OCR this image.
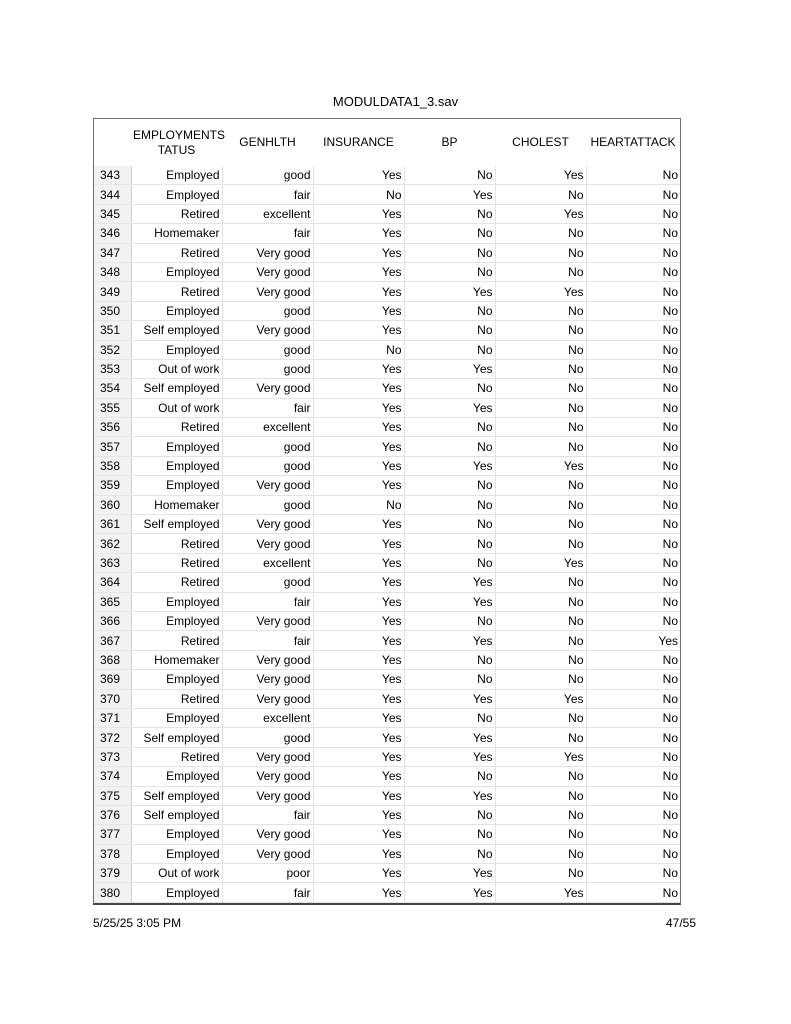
MODULDATA1_3.sav
	EMPLOYMENTS TATUS	GENHLTH	INSURANCE	BP	CHOLEST	HEARTATTACK
343	Employed	good	Yes	No	Yes	No
344	Employed	fair	No	Yes	No	No
345	Retired	excellent	Yes	No	Yes	No
346	Homemaker	fair	Yes	No	No	No
347	Retired	Very good	Yes	No	No	No
348	Employed	Very good	Yes	No	No	No
349	Retired	Very good	Yes	Yes	Yes	No
350	Employed	good	Yes	No	No	No
351	Self employed	Very good	Yes	No	No	No
352	Employed	good	No	No	No	No
353	Out of work	good	Yes	Yes	No	No
354	Self employed	Very good	Yes	No	No	No
355	Out of work	fair	Yes	Yes	No	No
356	Retired	excellent	Yes	No	No	No
357	Employed	good	Yes	No	No	No
358	Employed	good	Yes	Yes	Yes	No
359	Employed	Very good	Yes	No	No	No
360	Homemaker	good	No	No	No	No
361	Self employed	Very good	Yes	No	No	No
362	Retired	Very good	Yes	No	No	No
363	Retired	excellent	Yes	No	Yes	No
364	Retired	good	Yes	Yes	No	No
365	Employed	fair	Yes	Yes	No	No
366	Employed	Very good	Yes	No	No	No
367	Retired	fair	Yes	Yes	No	Yes
368	Homemaker	Very good	Yes	No	No	No
369	Employed	Very good	Yes	No	No	No
370	Retired	Very good	Yes	Yes	Yes	No
371	Employed	excellent	Yes	No	No	No
372	Self employed	good	Yes	Yes	No	No
373	Retired	Very good	Yes	Yes	Yes	No
374	Employed	Very good	Yes	No	No	No
375	Self employed	Very good	Yes	Yes	No	No
376	Self employed	fair	Yes	No	No	No
377	Employed	Very good	Yes	No	No	No
378	Employed	Very good	Yes	No	No	No
379	Out of work	poor	Yes	Yes	No	No
380	Employed	fair	Yes	Yes	Yes	No
5/25/25 3:05 PM	47/55
